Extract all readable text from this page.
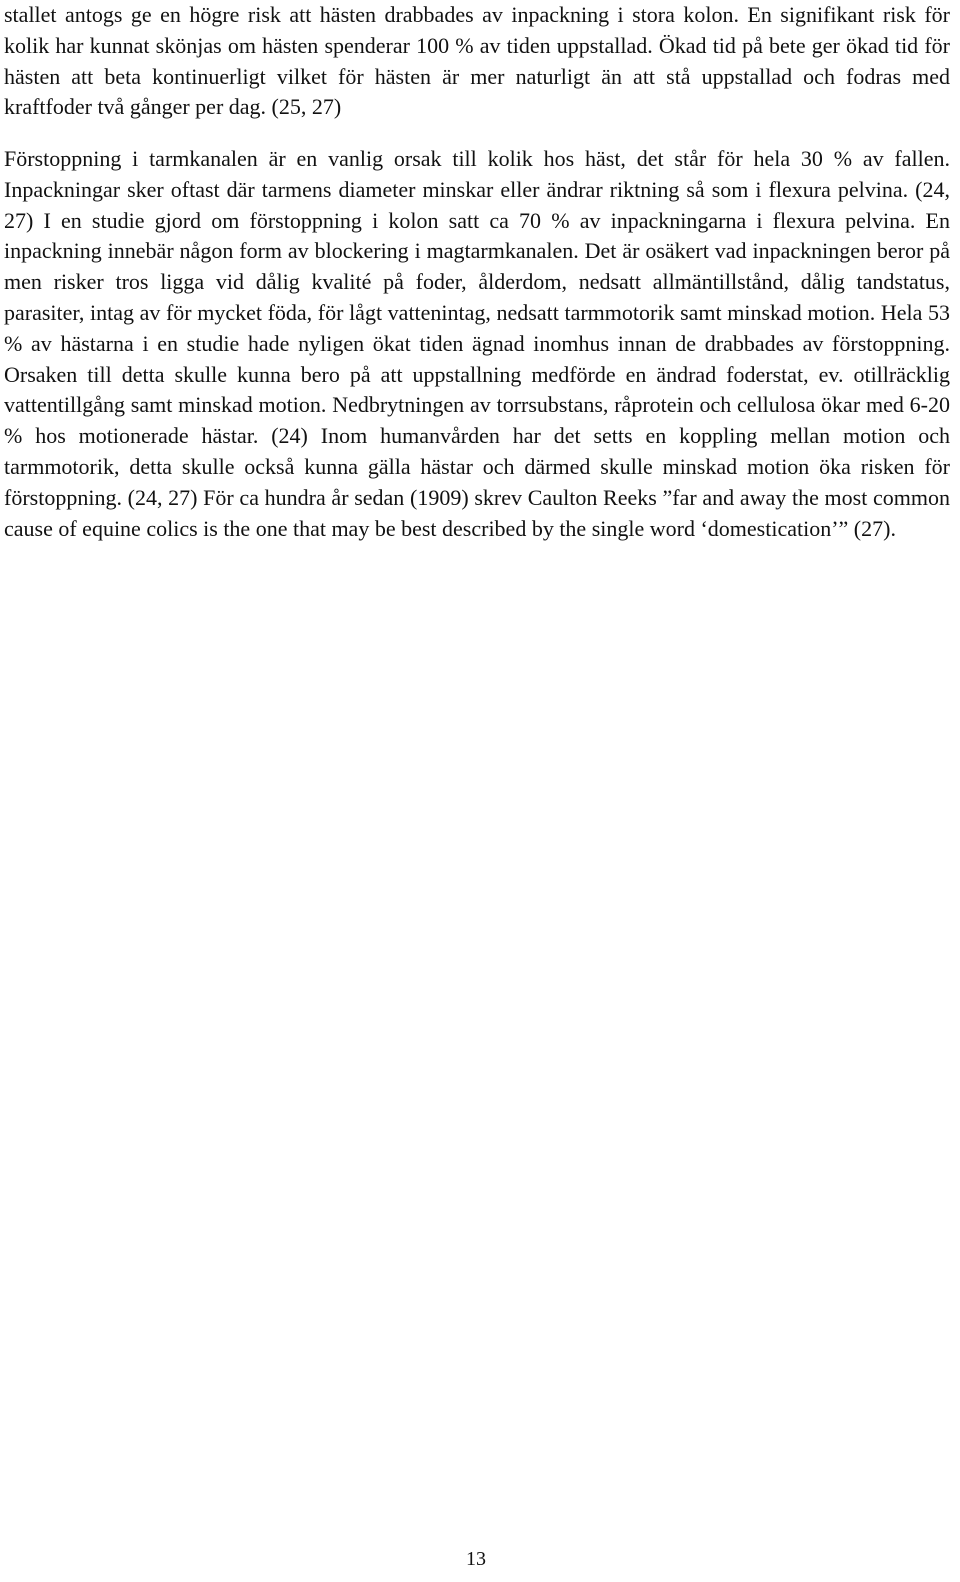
stallet antogs ge en högre risk att hästen drabbades av inpackning i stora kolon. En signifikant risk för kolik har kunnat skönjas om hästen spenderar 100 % av tiden uppstallad. Ökad tid på bete ger ökad tid för hästen att beta kontinuerligt vilket för hästen är mer naturligt än att stå uppstallad och fodras med kraftfoder två gånger per dag. (25, 27)

Förstoppning i tarmkanalen är en vanlig orsak till kolik hos häst, det står för hela 30 % av fallen. Inpackningar sker oftast där tarmens diameter minskar eller ändrar riktning så som i flexura pelvina. (24, 27) I en studie gjord om förstoppning i kolon satt ca 70 % av inpackningarna i flexura pelvina. En inpackning innebär någon form av blockering i magtarmkanalen. Det är osäkert vad inpackningen beror på men risker tros ligga vid dålig kvalité på foder, ålderdom, nedsatt allmäntillstånd, dålig tandstatus, parasiter, intag av för mycket föda, för lågt vattenintag, nedsatt tarmmotorik samt minskad motion. Hela 53 % av hästarna i en studie hade nyligen ökat tiden ägnad inomhus innan de drabbades av förstoppning. Orsaken till detta skulle kunna bero på att uppstallning medförde en ändrad foderstat, ev. otillräcklig vattentillgång samt minskad motion. Nedbrytningen av torrsubstans, råprotein och cellulosa ökar med 6-20 % hos motionerade hästar. (24) Inom humanvården har det setts en koppling mellan motion och tarmmotorik, detta skulle också kunna gälla hästar och därmed skulle minskad motion öka risken för förstoppning. (24, 27) För ca hundra år sedan (1909) skrev Caulton Reeks ”far and away the most common cause of equine colics is the one that may be best described by the single word ‘domestication’” (27).

13
